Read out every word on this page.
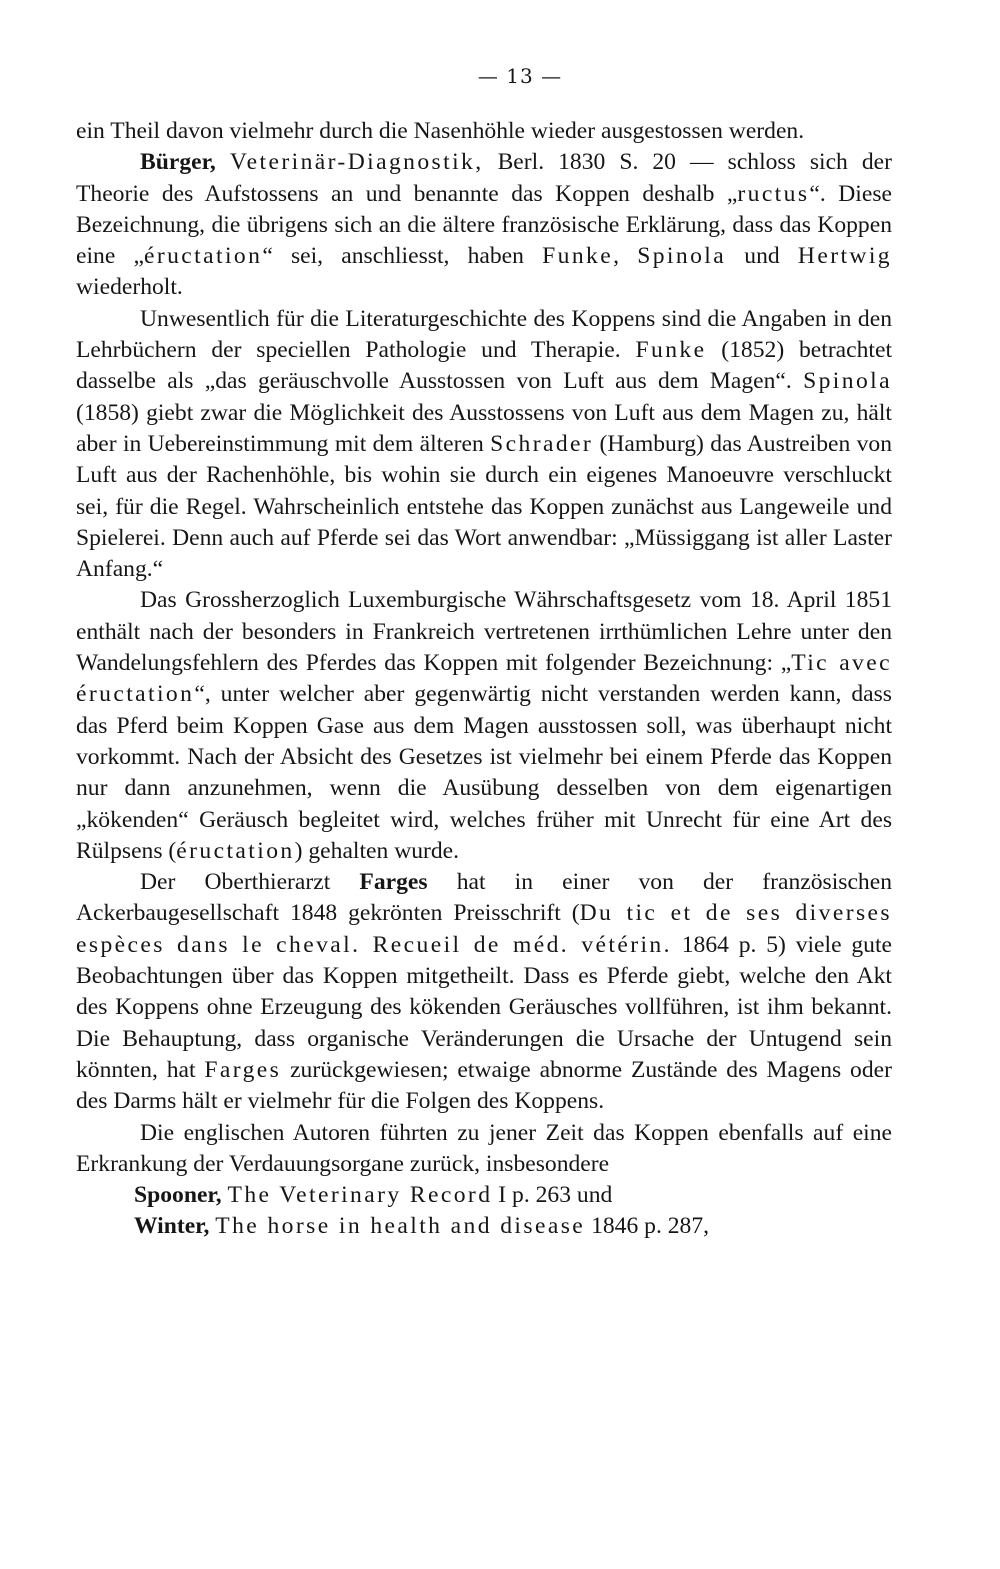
— 13 —

ein Theil davon vielmehr durch die Nasenhöhle wieder ausgestossen werden.

Bürger, Veterinär-Diagnostik, Berl. 1830 S. 20 — schloss sich der Theorie des Aufstossens an und benannte das Koppen deshalb „ructus“. Diese Bezeichnung, die übrigens sich an die ältere französische Erklärung, dass das Koppen eine „éructation“ sei, anschliesst, haben Funke, Spinola und Hertwig wiederholt.

Unwesentlich für die Literaturgeschichte des Koppens sind die Angaben in den Lehrbüchern der speciellen Pathologie und Therapie. Funke (1852) betrachtet dasselbe als „das geräuschvolle Ausstossen von Luft aus dem Magen“. Spinola (1858) giebt zwar die Möglichkeit des Ausstossens von Luft aus dem Magen zu, hält aber in Uebereinstimmung mit dem älteren Schrader (Hamburg) das Austreiben von Luft aus der Rachenhöhle, bis wohin sie durch ein eigenes Manoeuvre verschluckt sei, für die Regel. Wahrscheinlich entstehe das Koppen zunächst aus Langeweile und Spielerei. Denn auch auf Pferde sei das Wort anwendbar: „Müssiggang ist aller Laster Anfang.“

Das Grossherzoglich Luxemburgische Währschaftsgesetz vom 18. April 1851 enthält nach der besonders in Frankreich vertretenen irrthümlichen Lehre unter den Wandelungsfehlern des Pferdes das Koppen mit folgender Bezeichnung: „Tic avec éructation“, unter welcher aber gegenwärtig nicht verstanden werden kann, dass das Pferd beim Koppen Gase aus dem Magen ausstossen soll, was überhaupt nicht vorkommt. Nach der Absicht des Gesetzes ist vielmehr bei einem Pferde das Koppen nur dann anzunehmen, wenn die Ausübung desselben von dem eigenartigen „kökenden“ Geräusch begleitet wird, welches früher mit Unrecht für eine Art des Rülpsens (éructation) gehalten wurde.

Der Oberthierarzt Farges hat in einer von der französischen Ackerbaugesellschaft 1848 gekrönten Preisschrift (Du tic et de ses diverses espèces dans le cheval. Recueil de méd. vétérin. 1864 p. 5) viele gute Beobachtungen über das Koppen mitgetheilt. Dass es Pferde giebt, welche den Akt des Koppens ohne Erzeugung des kökenden Geräusches vollführen, ist ihm bekannt. Die Behauptung, dass organische Veränderungen die Ursache der Untugend sein könnten, hat Farges zurückgewiesen; etwaige abnorme Zustände des Magens oder des Darms hält er vielmehr für die Folgen des Koppens.

Die englischen Autoren führten zu jener Zeit das Koppen ebenfalls auf eine Erkrankung der Verdauungsorgane zurück, insbesondere

Spooner, The Veterinary Record I p. 263 und

Winter, The horse in health and disease 1846 p. 287,
